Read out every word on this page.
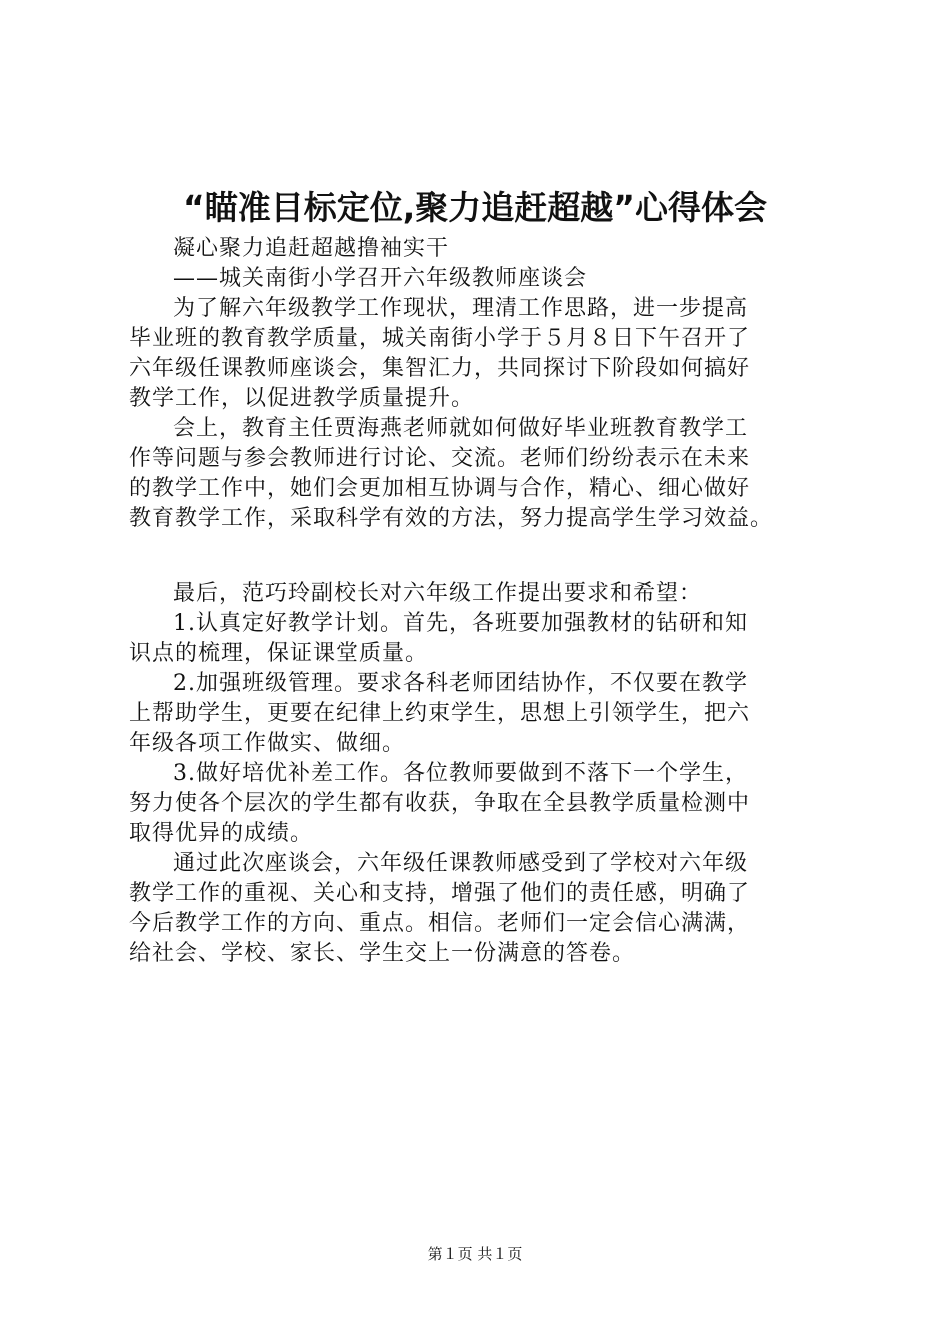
“瞄准目标定位,聚力追赶超越”心得体会
凝心聚力追赶超越撸袖实干
——城关南街小学召开六年级教师座谈会
为了解六年级教学工作现状，理清工作思路，进一步提高
毕业班的教育教学质量，城关南街小学于５月８日下午召开了
六年级任课教师座谈会，集智汇力，共同探讨下阶段如何搞好
教学工作，以促进教学质量提升。
会上，教育主任贾海燕老师就如何做好毕业班教育教学工
作等问题与参会教师进行讨论、交流。老师们纷纷表示在未来
的教学工作中，她们会更加相互协调与合作，精心、细心做好
教育教学工作，采取科学有效的方法，努力提高学生学习效益。
最后，范巧玲副校长对六年级工作提出要求和希望：
1.认真定好教学计划。首先，各班要加强教材的钻研和知
识点的梳理，保证课堂质量。
2.加强班级管理。要求各科老师团结协作，不仅要在教学
上帮助学生，更要在纪律上约束学生，思想上引领学生，把六
年级各项工作做实、做细。
3.做好培优补差工作。各位教师要做到不落下一个学生，
努力使各个层次的学生都有收获，争取在全县教学质量检测中
取得优异的成绩。
通过此次座谈会，六年级任课教师感受到了学校对六年级
教学工作的重视、关心和支持，增强了他们的责任感，明确了
今后教学工作的方向、重点。相信。老师们一定会信心满满，
给社会、学校、家长、学生交上一份满意的答卷。
第１页 共１页
